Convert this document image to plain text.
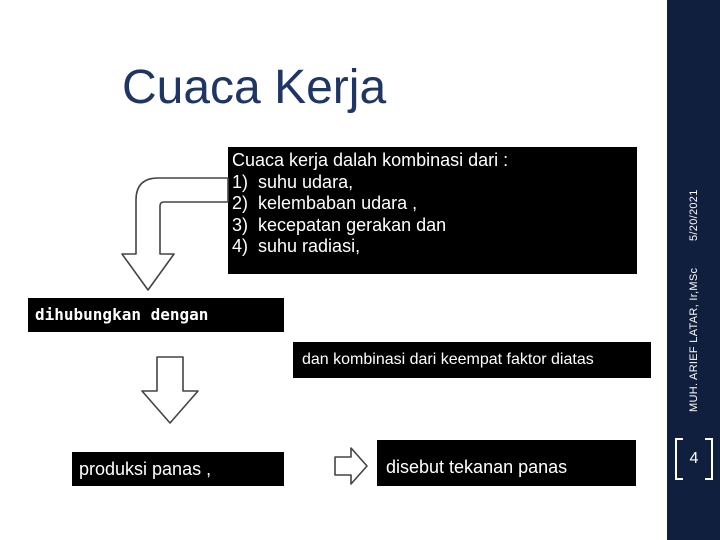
5/20/2021
MUH. ARIEF LATAR, Ir,MSc
4
Cuaca Kerja
Cuaca kerja dalah kombinasi dari :
1)  suhu udara,
2)  kelembaban udara ,
3)  kecepatan gerakan dan
4)  suhu radiasi,
dihubungkan dengan
dan kombinasi dari keempat faktor diatas
produksi panas ,	disebut tekanan panas
